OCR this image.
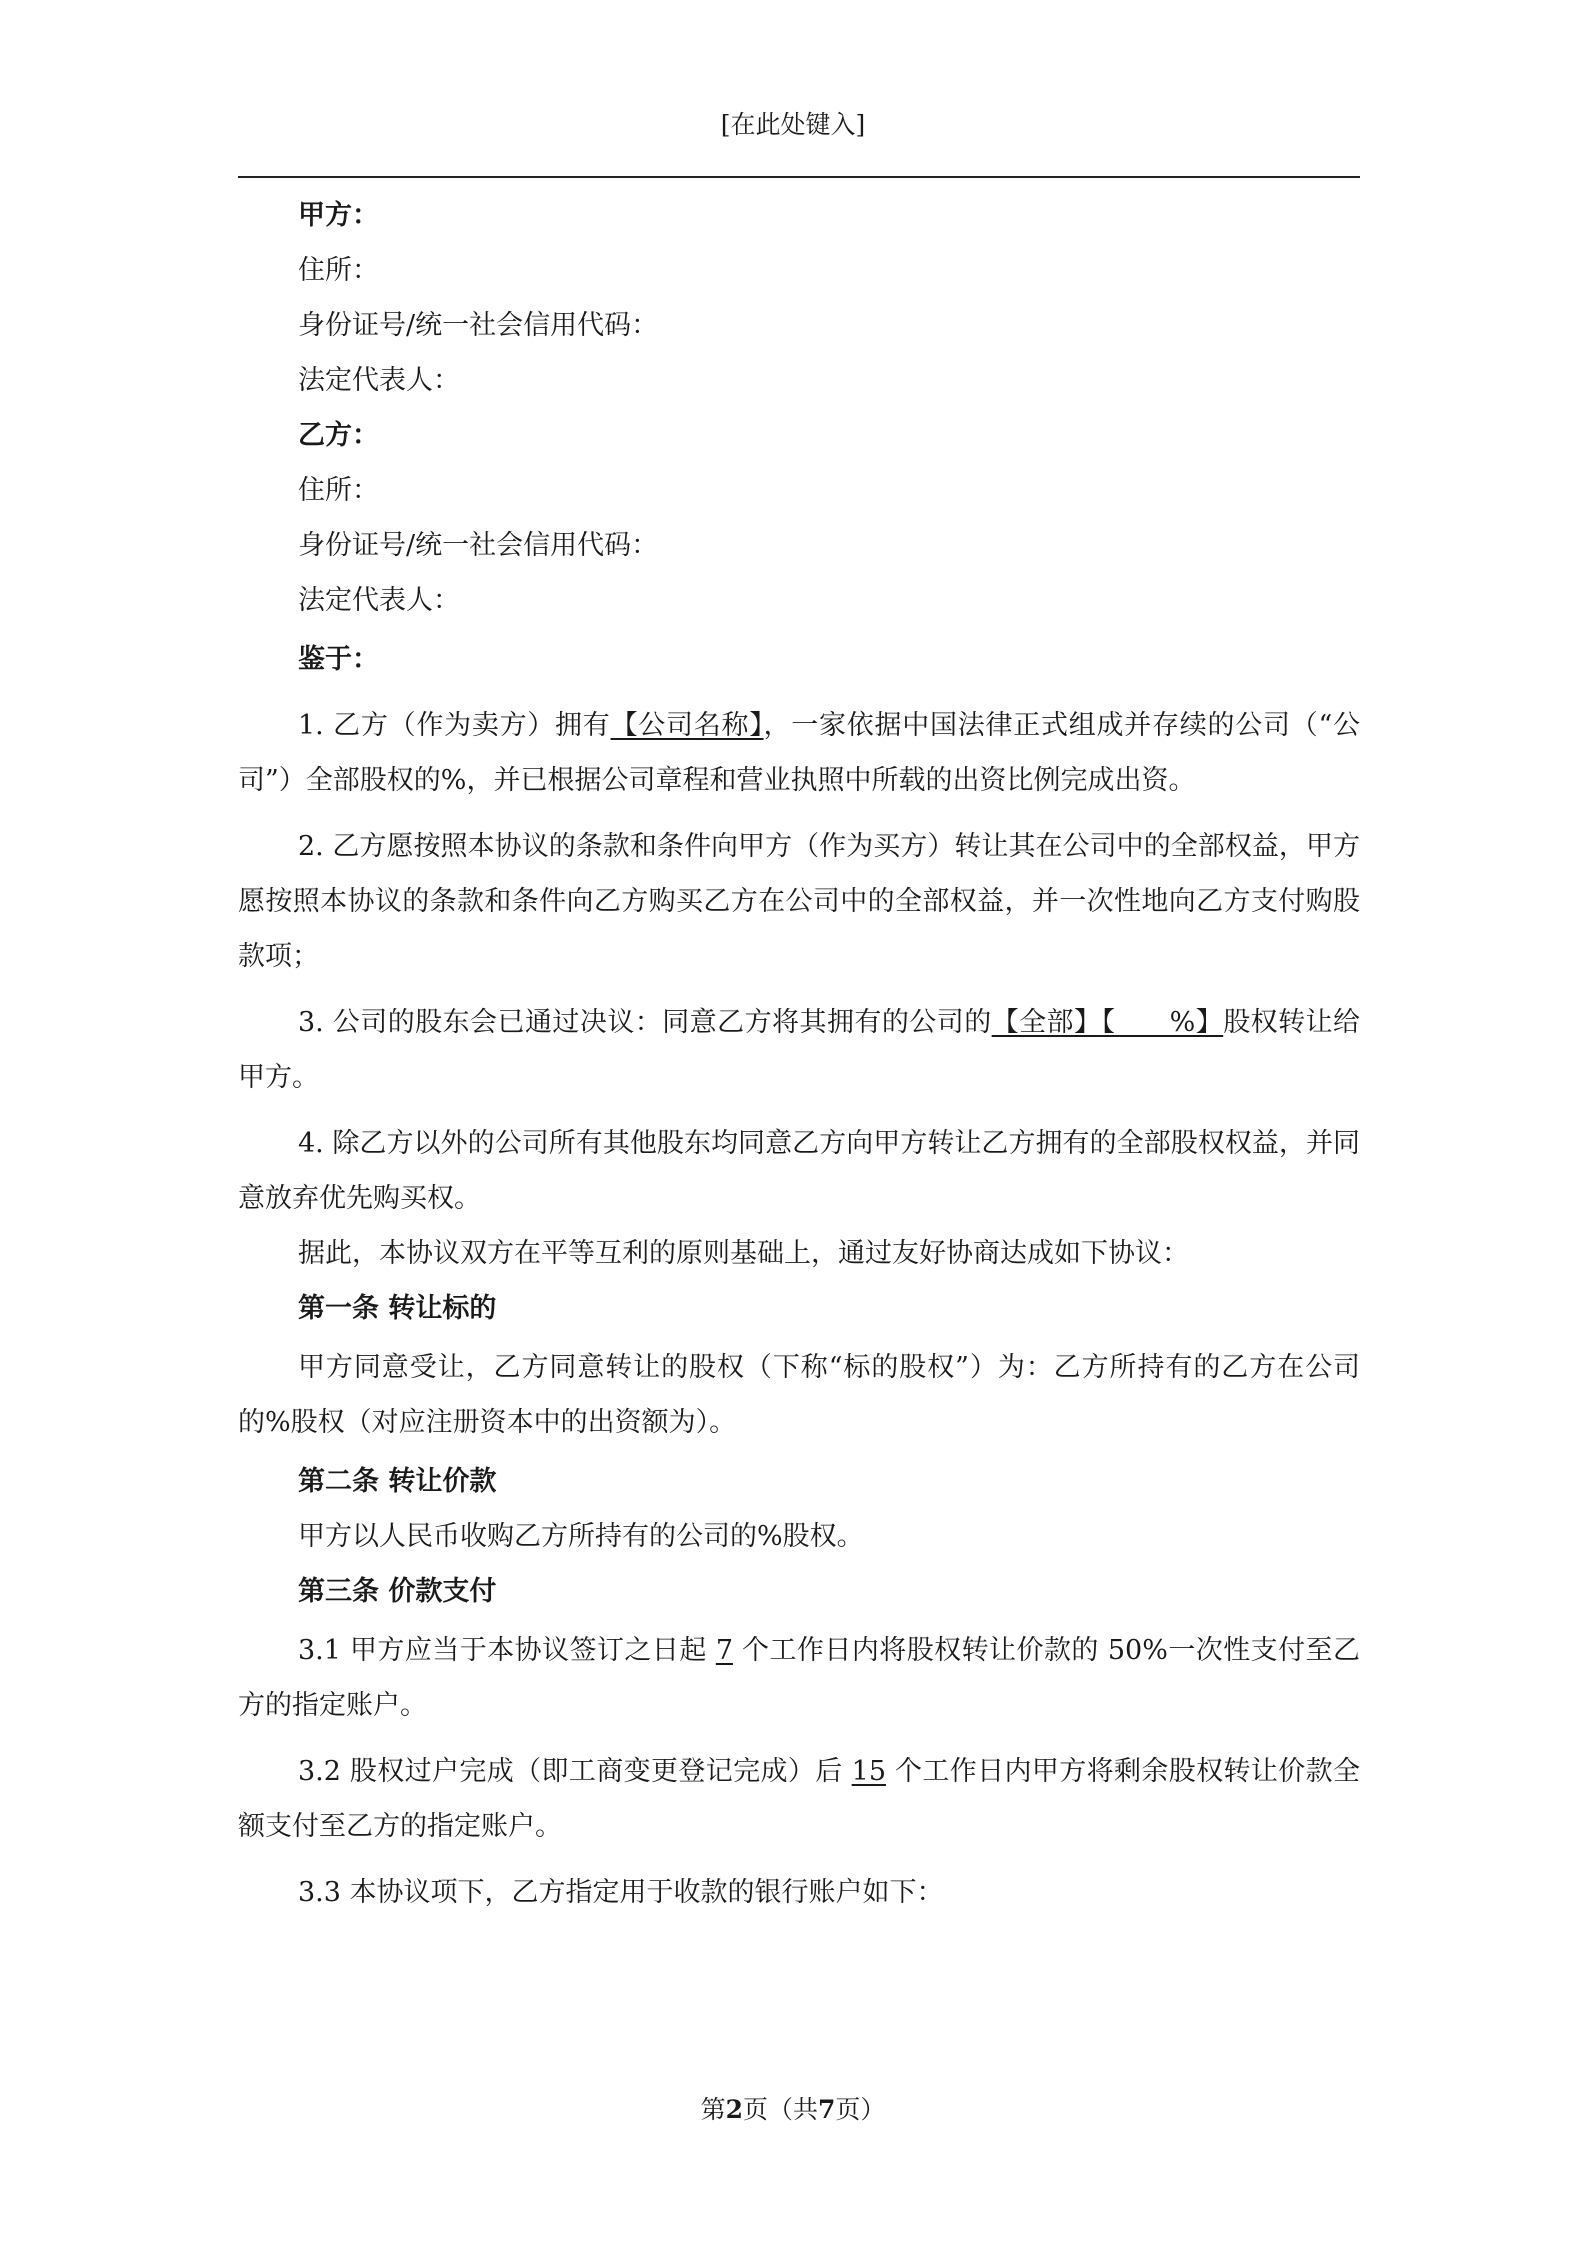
[在此处键入]
甲方：
住所：
身份证号/统一社会信用代码：
法定代表人：
乙方：
住所：
身份证号/统一社会信用代码：
法定代表人：
鉴于：
1. 乙方（作为卖方）拥有【公司名称】，一家依据中国法律正式组成并存续的公司（“公司”）全部股权的%，并已根据公司章程和营业执照中所载的出资比例完成出资。
2. 乙方愿按照本协议的条款和条件向甲方（作为买方）转让其在公司中的全部权益，甲方愿按照本协议的条款和条件向乙方购买乙方在公司中的全部权益，并一次性地向乙方支付购股款项；
3. 公司的股东会已通过决议：同意乙方将其拥有的公司的【全部】【      %】股权转让给甲方。
4. 除乙方以外的公司所有其他股东均同意乙方向甲方转让乙方拥有的全部股权权益，并同意放弃优先购买权。
据此，本协议双方在平等互利的原则基础上，通过友好协商达成如下协议：
第一条 转让标的
甲方同意受让，乙方同意转让的股权（下称“标的股权”）为：乙方所持有的乙方在公司的%股权（对应注册资本中的出资额为）。
第二条 转让价款
甲方以人民币收购乙方所持有的公司的%股权。
第三条 价款支付
3.1 甲方应当于本协议签订之日起 7 个工作日内将股权转让价款的 50%一次性支付至乙方的指定账户。
3.2 股权过户完成（即工商变更登记完成）后 15 个工作日内甲方将剩余股权转让价款全额支付至乙方的指定账户。
3.3 本协议项下，乙方指定用于收款的银行账户如下：
第2页（共7页）
